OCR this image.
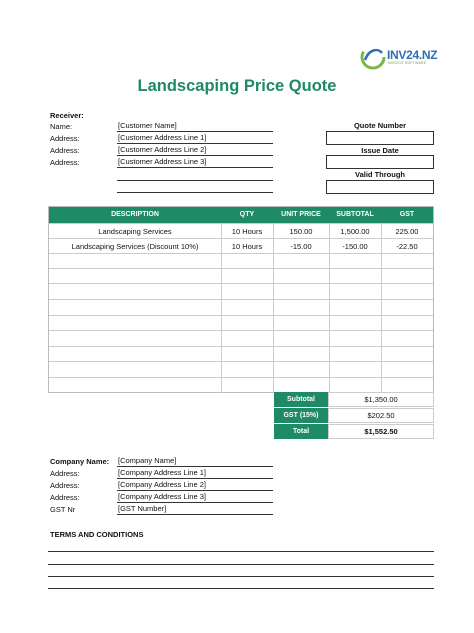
INV24.NZ
INVOICE SOFTWARE
Landscaping Price Quote
Receiver:
Name:	[Customer Name]
Address:	[Customer Address Line 1]
Address:	[Customer Address Line 2]
Address:	[Customer Address Line 3]
Quote Number
Issue Date
Valid Through
DESCRIPTION	QTY	UNIT PRICE	SUBTOTAL	GST
Landscaping Services	10 Hours	150.00	1,500.00	225.00
Landscaping Services (Discount 10%)	10 Hours	-15.00	-150.00	-22.50
Subtotal	$1,350.00
GST (15%)	$202.50
Total	$1,552.50
Company Name: [Company Name]
Address:	[Company Address Line 1]
Address:	[Company Address Line 2]
Address:	[Company Address Line 3]
GST Nr	[GST Number]
TERMS AND CONDITIONS
